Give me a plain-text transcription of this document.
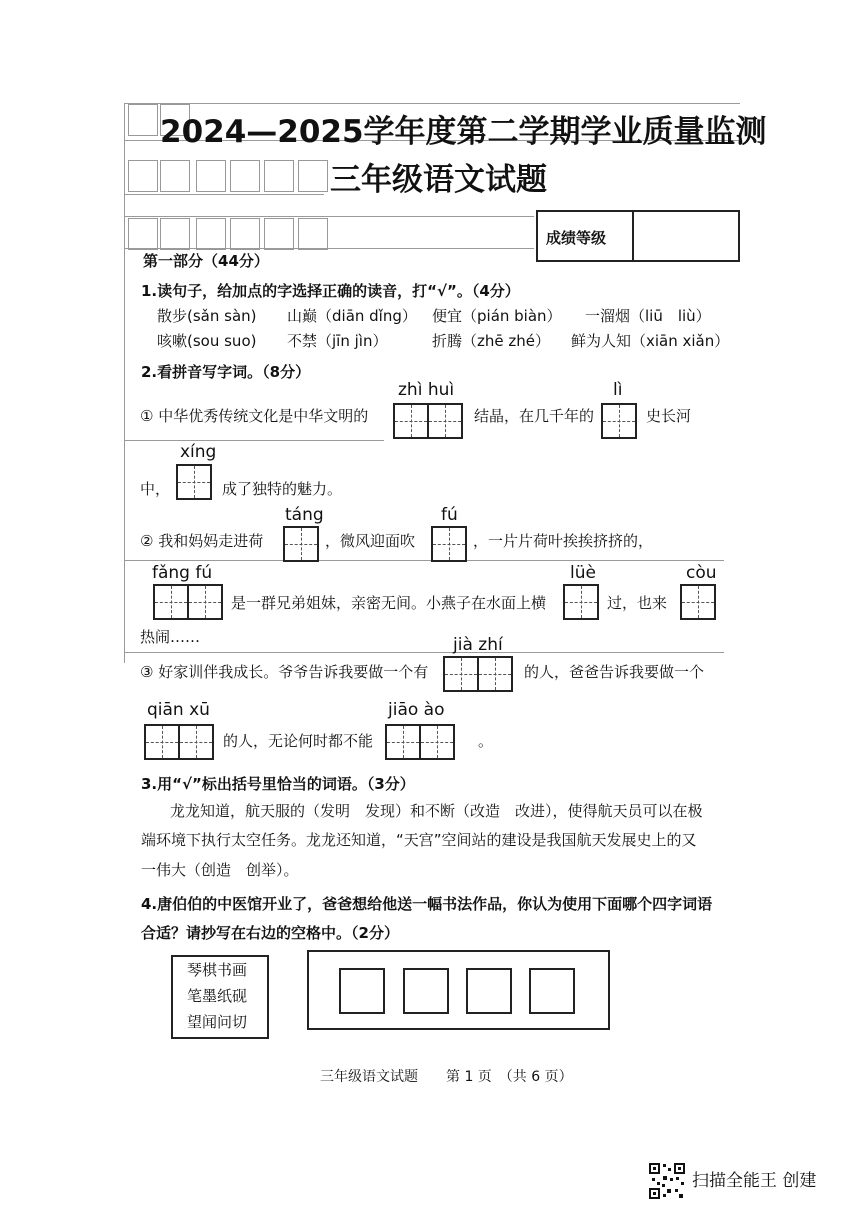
2024—2025学年度第二学期学业质量监测
三年级语文试题
成绩等级
第一部分（44分）
1.读句子，给加点的字选择正确的读音，打“√”。（4分）
散步(sǎn sàn) 山巅（diān dǐng） 便宜（pián biàn） 一溜烟（liū　liù）
咳嗽(sou suo) 不禁（jīn jìn）	折腾（zhē zhé） 鲜为人知（xiān xiǎn）
2.看拼音写字词。（8分）
zhì huì	lì
① 中华优秀传统文化是中华文明的	结晶，在几千年的	史长河
xíng
中，	成了独特的魅力。
táng	fú
② 我和妈妈走进荷	，微风迎面吹	，一片片荷叶挨挨挤挤的，
fǎng fú	lüè	còu
是一群兄弟姐妹，亲密无间。小燕子在水面上横	过，也来
热闹……	jià zhí
③ 好家训伴我成长。爷爷告诉我要做一个有	的人，爸爸告诉我要做一个
qiān xū	jiāo ào
的人，无论何时都不能	。
3.用“√”标出括号里恰当的词语。（3分）
龙龙知道，航天服的（发明　发现）和不断（改造　改进），使得航天员可以在极
端环境下执行太空任务。龙龙还知道，“天宫”空间站的建设是我国航天发展史上的又
一伟大（创造　创举）。
4.唐伯伯的中医馆开业了，爸爸想给他送一幅书法作品，你认为使用下面哪个四字词语
合适？请抄写在右边的空格中。（2分）
琴棋书画
笔墨纸砚
望闻问切
三年级语文试题　　第 1 页　（共 6 页）
扫描全能王 创建
